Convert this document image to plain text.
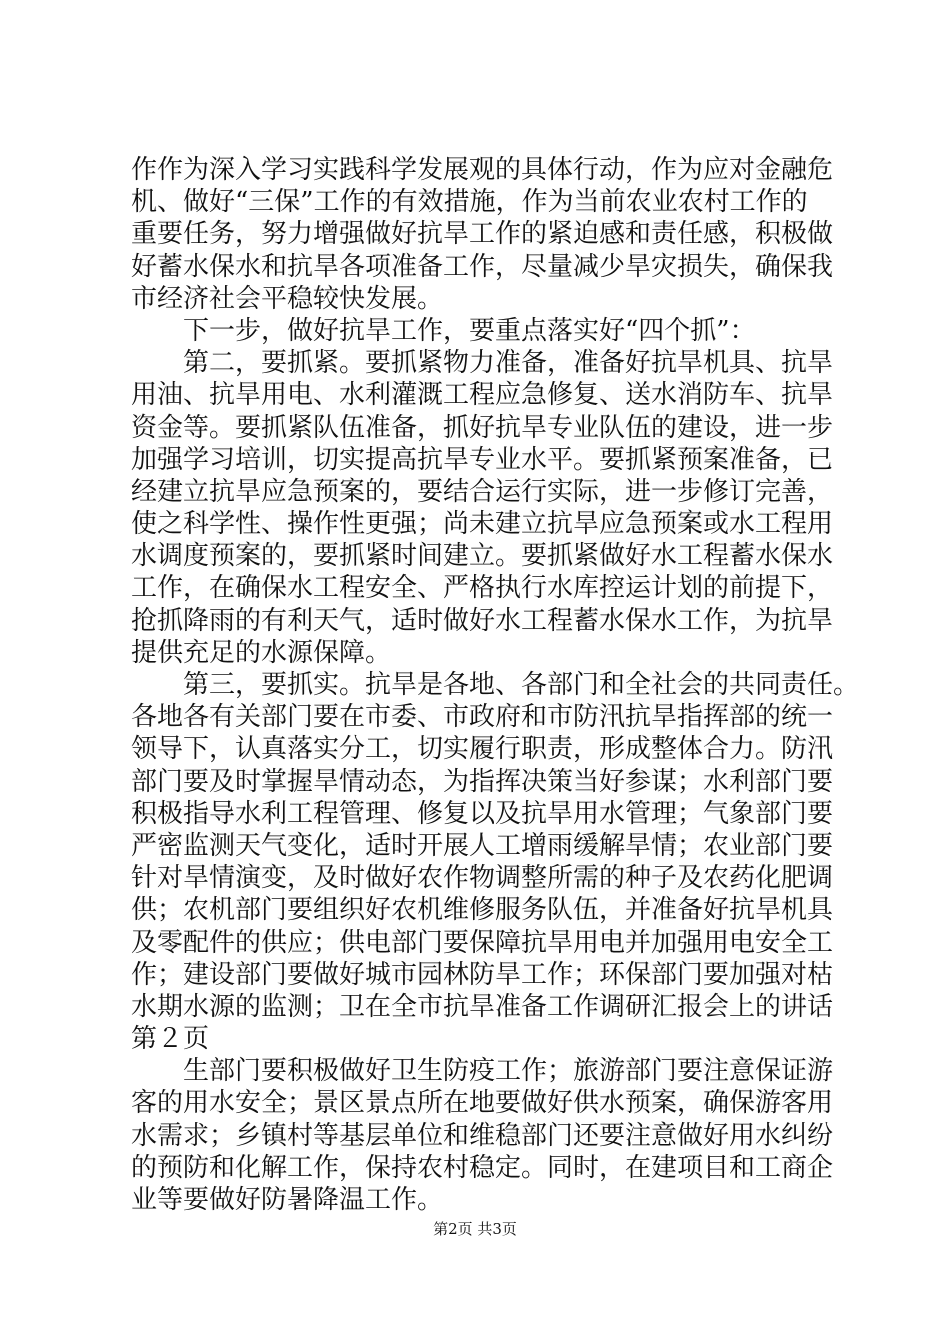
作作为深入学习实践科学发展观的具体行动，作为应对金融危
机、做好“三保”工作的有效措施，作为当前农业农村工作的
重要任务，努力增强做好抗旱工作的紧迫感和责任感，积极做
好蓄水保水和抗旱各项准备工作，尽量减少旱灾损失，确保我
市经济社会平稳较快发展。
下一步，做好抗旱工作，要重点落实好“四个抓”：
第二，要抓紧。要抓紧物力准备，准备好抗旱机具、抗旱
用油、抗旱用电、水利灌溉工程应急修复、送水消防车、抗旱
资金等。要抓紧队伍准备，抓好抗旱专业队伍的建设，进一步
加强学习培训，切实提高抗旱专业水平。要抓紧预案准备，已
经建立抗旱应急预案的，要结合运行实际，进一步修订完善，
使之科学性、操作性更强；尚未建立抗旱应急预案或水工程用
水调度预案的，要抓紧时间建立。要抓紧做好水工程蓄水保水
工作，在确保水工程安全、严格执行水库控运计划的前提下，
抢抓降雨的有利天气，适时做好水工程蓄水保水工作，为抗旱
提供充足的水源保障。
第三，要抓实。抗旱是各地、各部门和全社会的共同责任。
各地各有关部门要在市委、市政府和市防汛抗旱指挥部的统一
领导下，认真落实分工，切实履行职责，形成整体合力。防汛
部门要及时掌握旱情动态，为指挥决策当好参谋；水利部门要
积极指导水利工程管理、修复以及抗旱用水管理；气象部门要
严密监测天气变化，适时开展人工增雨缓解旱情；农业部门要
针对旱情演变，及时做好农作物调整所需的种子及农药化肥调
供；农机部门要组织好农机维修服务队伍，并准备好抗旱机具
及零配件的供应；供电部门要保障抗旱用电并加强用电安全工
作；建设部门要做好城市园林防旱工作；环保部门要加强对枯
水期水源的监测；卫在全市抗旱准备工作调研汇报会上的讲话
第２页
生部门要积极做好卫生防疫工作；旅游部门要注意保证游
客的用水安全；景区景点所在地要做好供水预案，确保游客用
水需求；乡镇村等基层单位和维稳部门还要注意做好用水纠纷
的预防和化解工作，保持农村稳定。同时，在建项目和工商企
业等要做好防暑降温工作。
第2页 共3页
